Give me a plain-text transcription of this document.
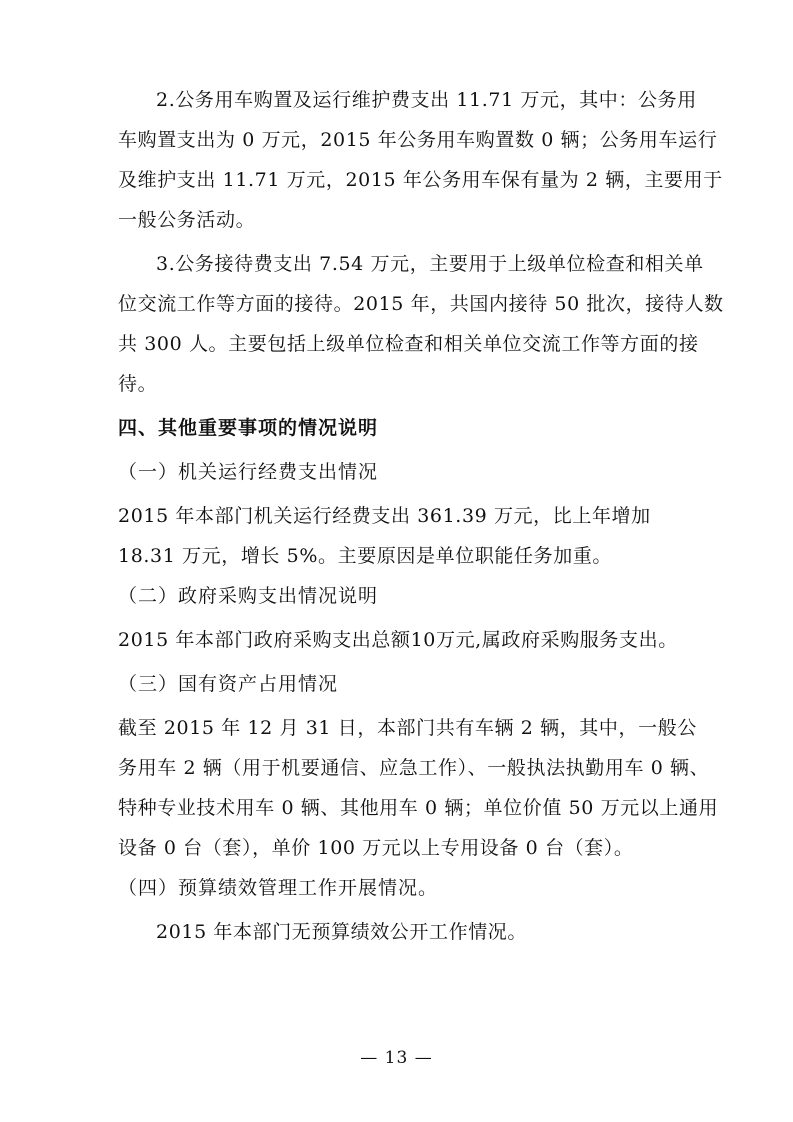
2.公务用车购置及运行维护费支出 11.71 万元，其中：公务用
车购置支出为 0 万元，2015 年公务用车购置数 0 辆；公务用车运行
及维护支出 11.71 万元，2015 年公务用车保有量为 2 辆，主要用于
一般公务活动。
3.公务接待费支出 7.54 万元，主要用于上级单位检查和相关单
位交流工作等方面的接待。2015 年，共国内接待 50 批次，接待人数
共 300 人。主要包括上级单位检查和相关单位交流工作等方面的接
待。
四、其他重要事项的情况说明
（一）机关运行经费支出情况
2015 年本部门机关运行经费支出 361.39 万元，比上年增加
18.31 万元，增长 5%。主要原因是单位职能任务加重。
（二）政府采购支出情况说明
2015 年本部门政府采购支出总额10万元,属政府采购服务支出。
（三）国有资产占用情况
截至 2015 年 12 月 31 日，本部门共有车辆 2 辆，其中，一般公
务用车 2 辆（用于机要通信、应急工作）、一般执法执勤用车 0 辆、
特种专业技术用车 0 辆、其他用车 0 辆；单位价值 50 万元以上通用
设备 0 台（套），单价 100 万元以上专用设备 0 台（套）。
（四）预算绩效管理工作开展情况。
2015 年本部门无预算绩效公开工作情况。
— 13 —
